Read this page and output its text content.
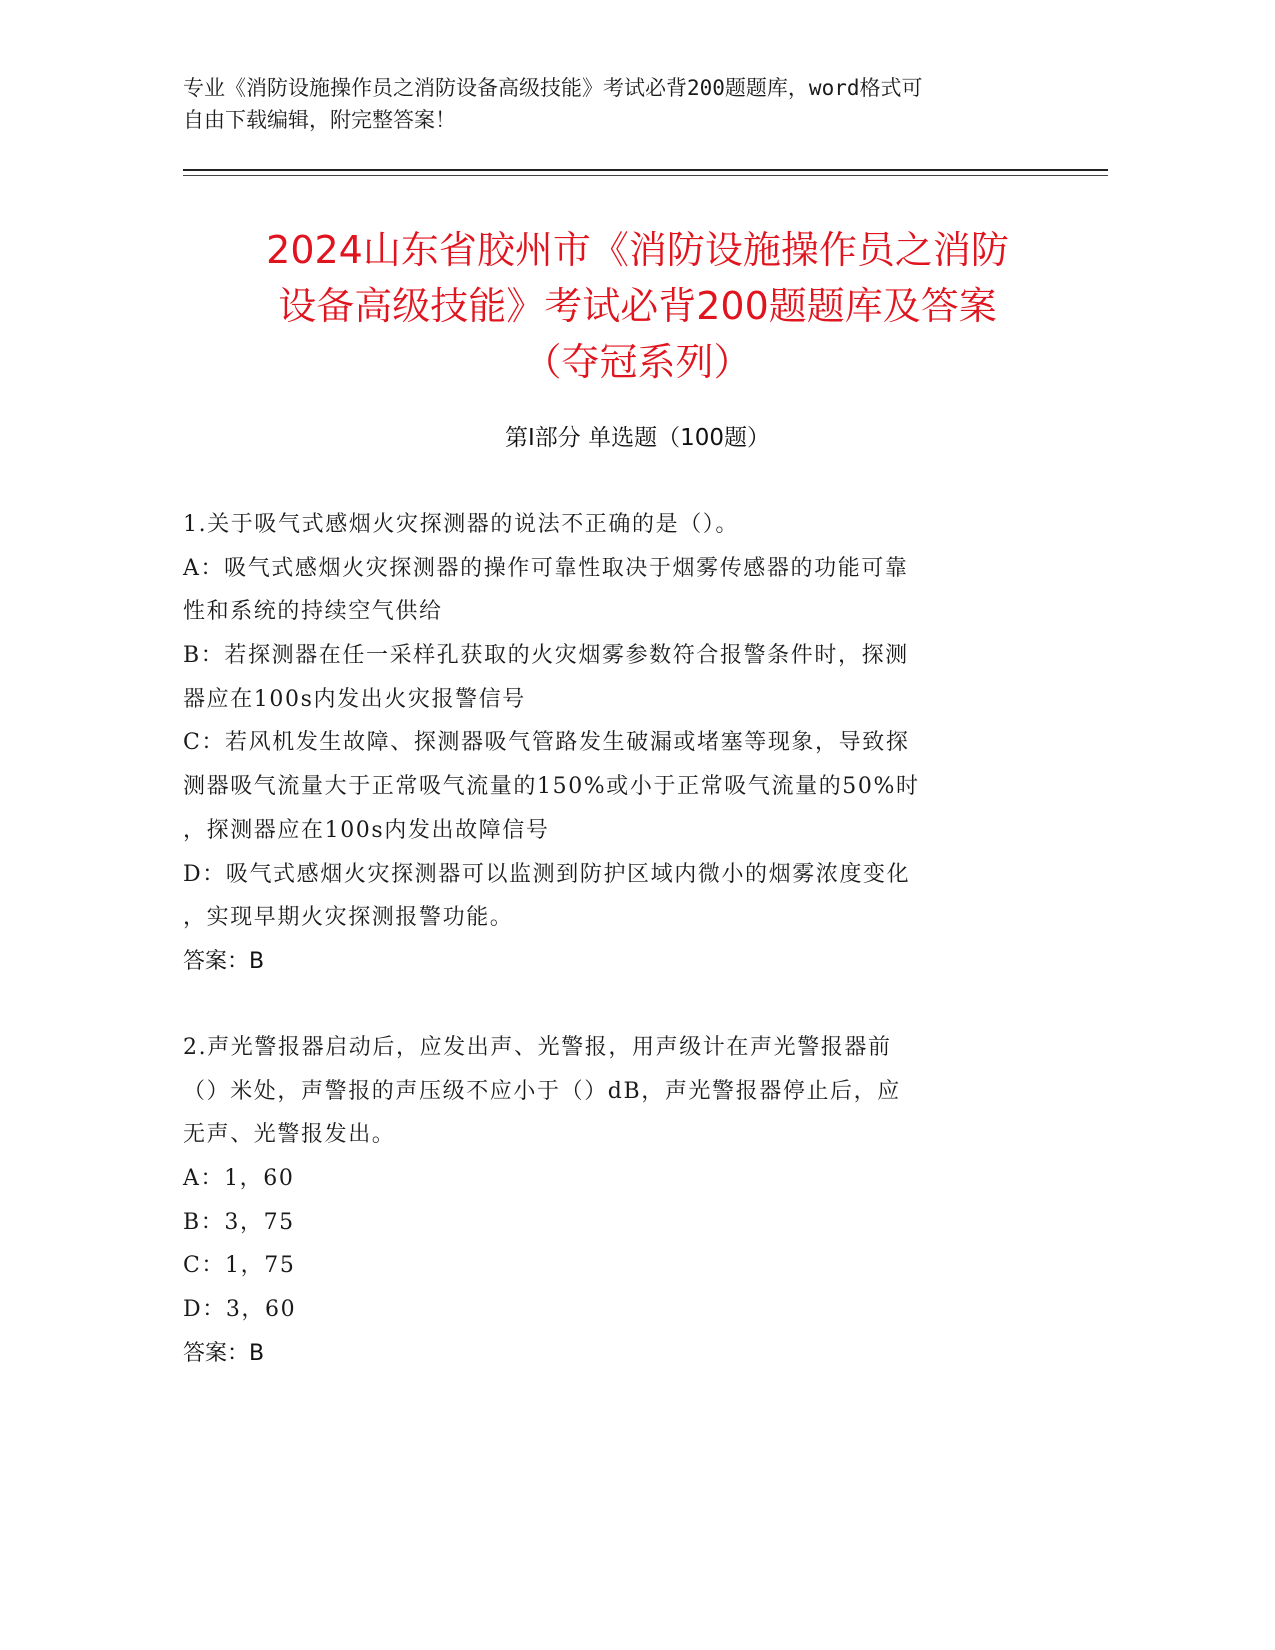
专业《消防设施操作员之消防设备高级技能》考试必背200题题库，word格式可
自由下载编辑，附完整答案！
2024山东省胶州市《消防设施操作员之消防
设备高级技能》考试必背200题题库及答案
（夺冠系列）
第I部分 单选题（100题）
1.关于吸气式感烟火灾探测器的说法不正确的是（）。
A：吸气式感烟火灾探测器的操作可靠性取决于烟雾传感器的功能可靠
性和系统的持续空气供给
B：若探测器在任一采样孔获取的火灾烟雾参数符合报警条件时，探测
器应在100s内发出火灾报警信号
C：若风机发生故障、探测器吸气管路发生破漏或堵塞等现象，导致探
测器吸气流量大于正常吸气流量的150%或小于正常吸气流量的50%时
，探测器应在100s内发出故障信号
D：吸气式感烟火灾探测器可以监测到防护区域内微小的烟雾浓度变化
，实现早期火灾探测报警功能。
答案：B
2.声光警报器启动后，应发出声、光警报，用声级计在声光警报器前
（）米处，声警报的声压级不应小于（）dB，声光警报器停止后，应
无声、光警报发出。
A：1，60
B：3，75
C：1，75
D：3，60
答案：B
